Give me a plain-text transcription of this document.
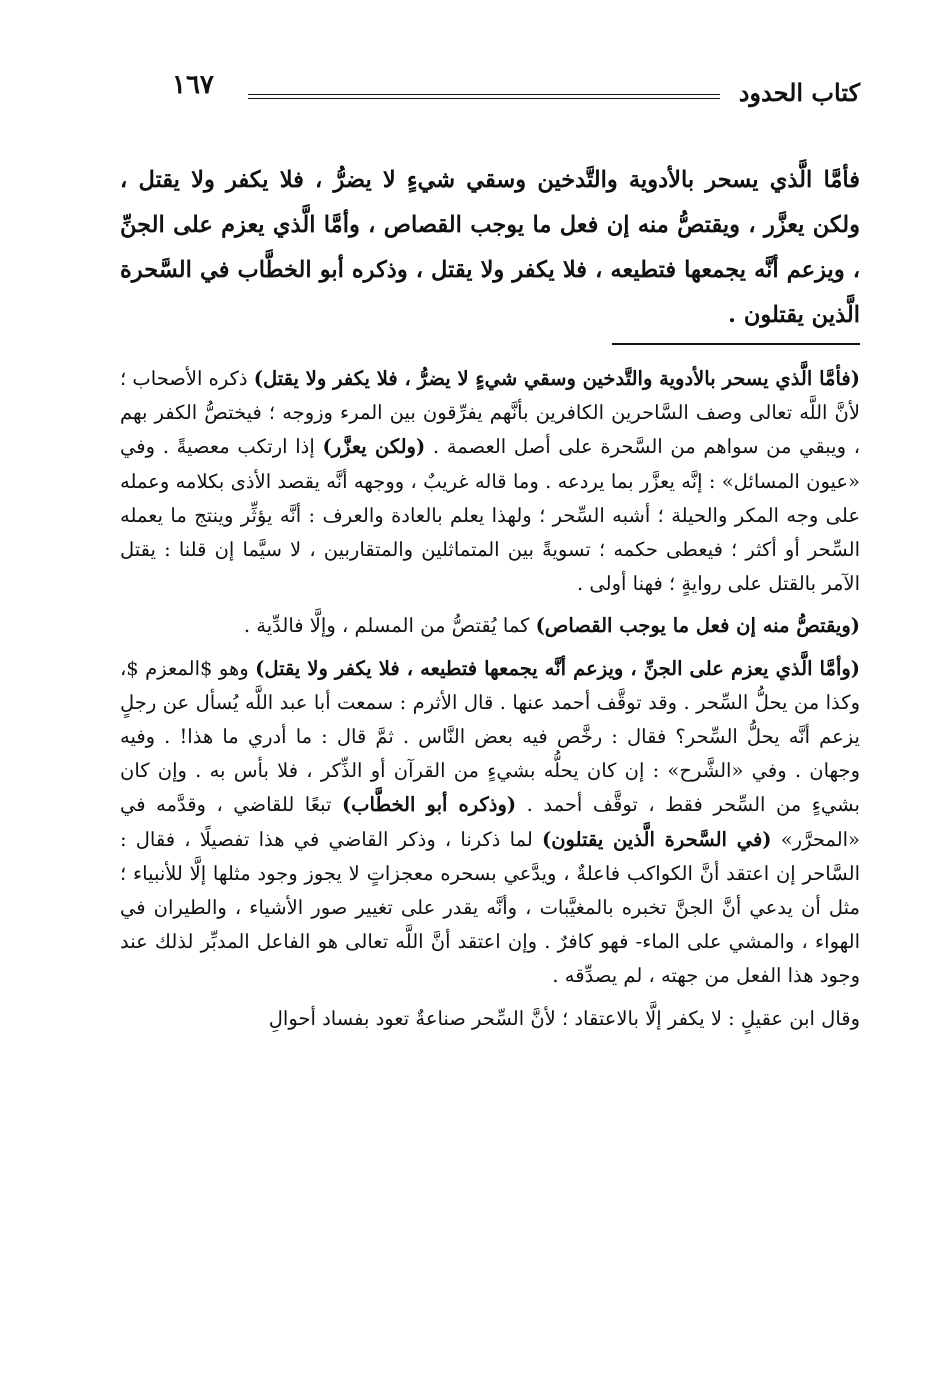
كتاب الحدود
١٦٧
فأمَّا الَّذي يسحر بالأدوية والتَّدخين وسقي شيءٍ لا يضرُّ ، فلا يكفر ولا يقتل ، ولكن يعزَّر ، ويقتصُّ منه إن فعل ما يوجب القصاص ، وأمَّا الَّذي يعزم على الجنِّ ، ويزعم أنَّه يجمعها فتطيعه ، فلا يكفر ولا يقتل ، وذكره أبو الخطَّاب في السَّحرة الَّذين يقتلون .

(فأمَّا الَّذي يسحر بالأدوية والتَّدخين وسقي شيءٍ لا يضرُّ ، فلا يكفر ولا يقتل) ذكره الأصحاب ؛ لأنَّ اللَّه تعالى وصف السَّاحرين الكافرين بأنَّهم يفرِّقون بين المرء وزوجه ؛ فيختصُّ الكفر بهم ، ويبقي من سواهم من السَّحرة على أصل العصمة . (ولكن يعزَّر) إذا ارتكب معصيةً . وفي «عيون المسائل» : إنَّه يعزَّر بما يردعه . وما قاله غريبٌ ، ووجهه أنَّه يقصد الأذى بكلامه وعمله على وجه المكر والحيلة ؛ أشبه السِّحر ؛ ولهذا يعلم بالعادة والعرف : أنَّه يؤثِّر وينتج ما يعمله السِّحر أو أكثر ؛ فيعطى حكمه ؛ تسويةً بين المتماثلين والمتقاربين ، لا سيَّما إن قلنا : يقتل الآمر بالقتل على روايةٍ ؛ فهنا أولى .

(ويقتصُّ منه إن فعل ما يوجب القصاص) كما يُقتصُّ من المسلم ، وإلَّا فالدِّية .

(وأمَّا الَّذي يعزم على الجنِّ ، ويزعم أنَّه يجمعها فتطيعه ، فلا يكفر ولا يقتل) وهو $المعزم $، وكذا من يحلُّ السِّحر . وقد توقَّف أحمد عنها . قال الأثرم : سمعت أبا عبد اللَّه يُسأل عن رجلٍ يزعم أنَّه يحلُّ السِّحر؟ فقال : رخَّص فيه بعض النَّاس . ثمَّ قال : ما أدري ما هذا! . وفيه وجهان . وفي «الشَّرح» : إن كان يحلُّه بشيءٍ من القرآن أو الذِّكر ، فلا بأس به . وإن كان بشيءٍ من السِّحر فقط ، توقَّف أحمد . (وذكره أبو الخطَّاب) تبعًا للقاضي ، وقدَّمه في «المحرَّر» (في السَّحرة الَّذين يقتلون) لما ذكرنا ، وذكر القاضي في هذا تفصيلًا ، فقال : السَّاحر إن اعتقد أنَّ الكواكب فاعلةٌ ، ويدَّعي بسحره معجزاتٍ لا يجوز وجود مثلها إلَّا للأنبياء ؛ مثل أن يدعي أنَّ الجنَّ تخبره بالمغيَّبات ، وأنَّه يقدر على تغيير صور الأشياء ، والطيران في الهواء ، والمشي على الماء- فهو كافرٌ . وإن اعتقد أنَّ اللَّه تعالى هو الفاعل المدبِّر لذلك عند وجود هذا الفعل من جهته ، لم يصدِّقه .

وقال ابن عقيلٍ : لا يكفر إلَّا بالاعتقاد ؛ لأنَّ السِّحر صناعةٌ تعود بفساد أحوالِ
